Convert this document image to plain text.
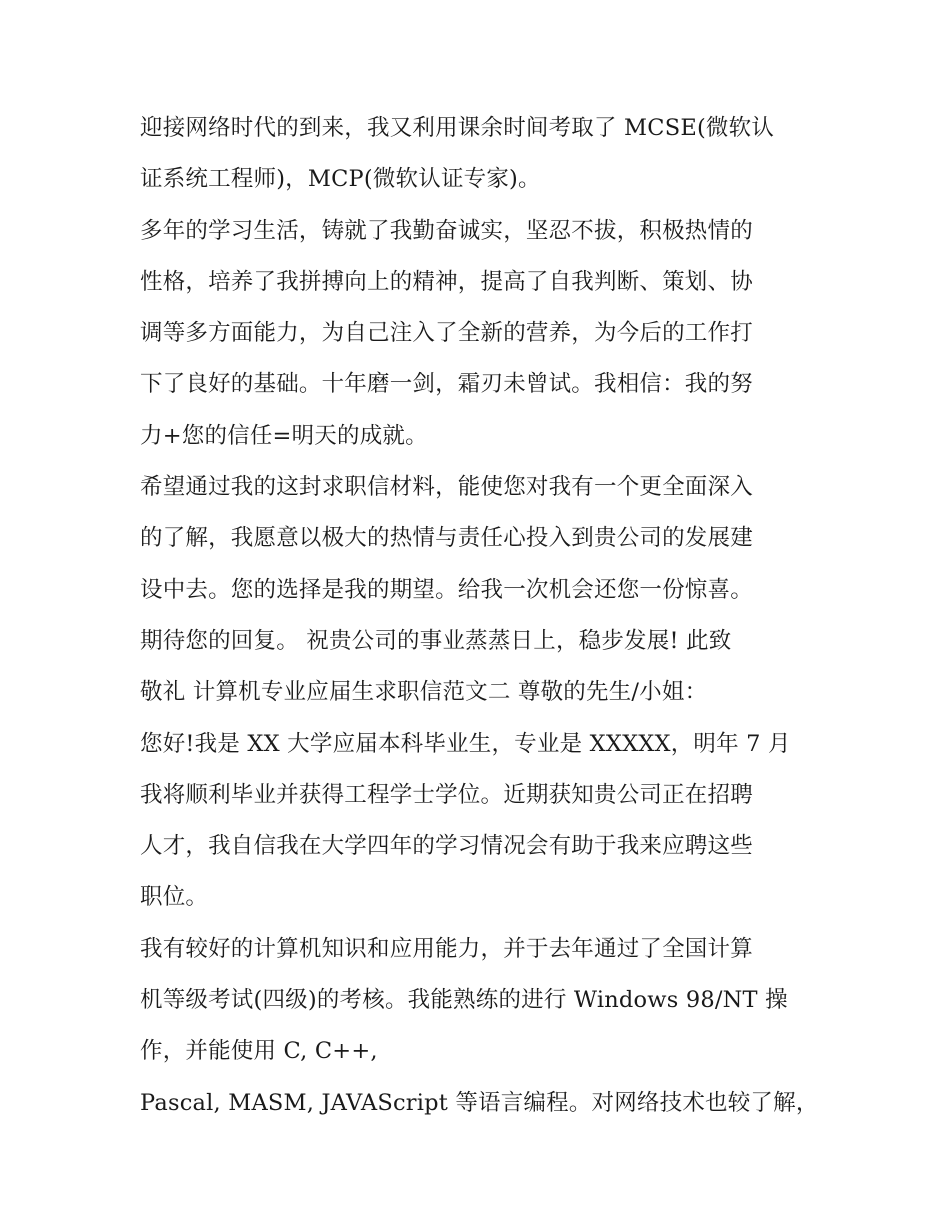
迎接网络时代的到来，我又利用课余时间考取了 MCSE(微软认
证系统工程师)，MCP(微软认证专家)。
多年的学习生活，铸就了我勤奋诚实，坚忍不拔，积极热情的
性格，培养了我拼搏向上的精神，提高了自我判断、策划、协
调等多方面能力，为自己注入了全新的营养，为今后的工作打
下了良好的基础。十年磨一剑，霜刃未曾试。我相信：我的努
力+您的信任=明天的成就。
希望通过我的这封求职信材料，能使您对我有一个更全面深入
的了解，我愿意以极大的热情与责任心投入到贵公司的发展建
设中去。您的选择是我的期望。给我一次机会还您一份惊喜。
期待您的回复。 祝贵公司的事业蒸蒸日上，稳步发展! 此致
敬礼 计算机专业应届生求职信范文二 尊敬的先生/小姐：
您好!我是 XX 大学应届本科毕业生，专业是 XXXXX，明年 7 月
我将顺利毕业并获得工程学士学位。近期获知贵公司正在招聘
人才，我自信我在大学四年的学习情况会有助于我来应聘这些
职位。
我有较好的计算机知识和应用能力，并于去年通过了全国计算
机等级考试(四级)的考核。我能熟练的进行 Windows 98/NT 操
作，并能使用 C, C++,
Pascal, MASM, JAVAScript 等语言编程。对网络技术也较了解，
